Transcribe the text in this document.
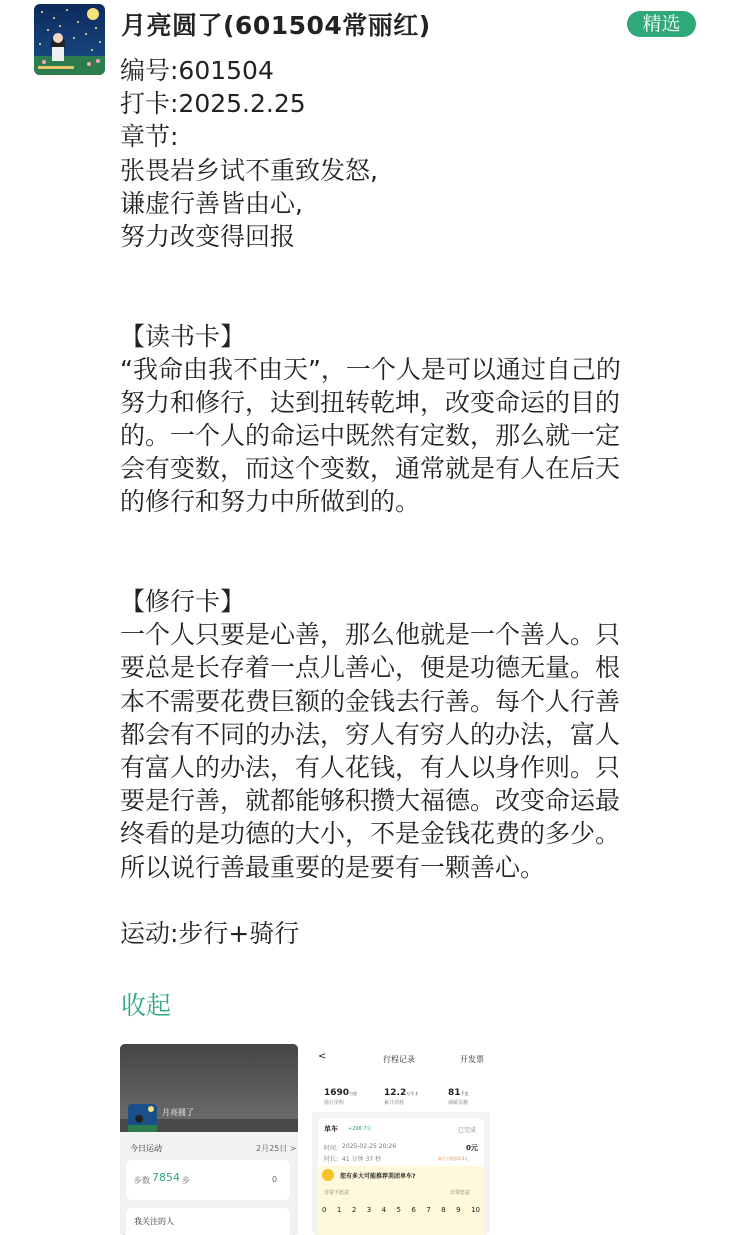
月亮圆了(601504常丽红)	精选
编号:601504
打卡:2025.2.25
章节:
张畏岩乡试不重致发怒,
谦虚行善皆由心,
努力改变得回报
【读书卡】
“我命由我不由天”，一个人是可以通过自己的
努力和修行，达到扭转乾坤，改变命运的目的
的。一个人的命运中既然有定数，那么就一定
会有变数，而这个变数，通常就是有人在后天
的修行和努力中所做到的。
【修行卡】
一个人只要是心善，那么他就是一个善人。只
要总是长存着一点儿善心，便是功德无量。根
本不需要花费巨额的金钱去行善。每个人行善
都会有不同的办法，穷人有穷人的办法，富人
有富人的办法，有人花钱，有人以身作则。只
要是行善，就都能够积攒大福德。改变命运最
终看的是功德的大小，不是金钱花费的多少。
所以说行善最重要的是要有一颗善心。
运动:步行+骑行
收起
月亮圆了
今日运动	2月25日 >
步数 7854 步	0
我关注的人
<	行程记录	开发票
1690公里
骑行里程
12.2万千卡
累计消耗
81千克
减碳贡献
单车 +298.7克	已完成
时间: 2025-02-25 20:26	0元
时长: 41 分钟 37 秒	骑行卡抵扣3.5元
您有多大可能推荐美团单车?
非常不愿意	非常愿意
0 1 2 3 4 5 6 7 8 9 10
